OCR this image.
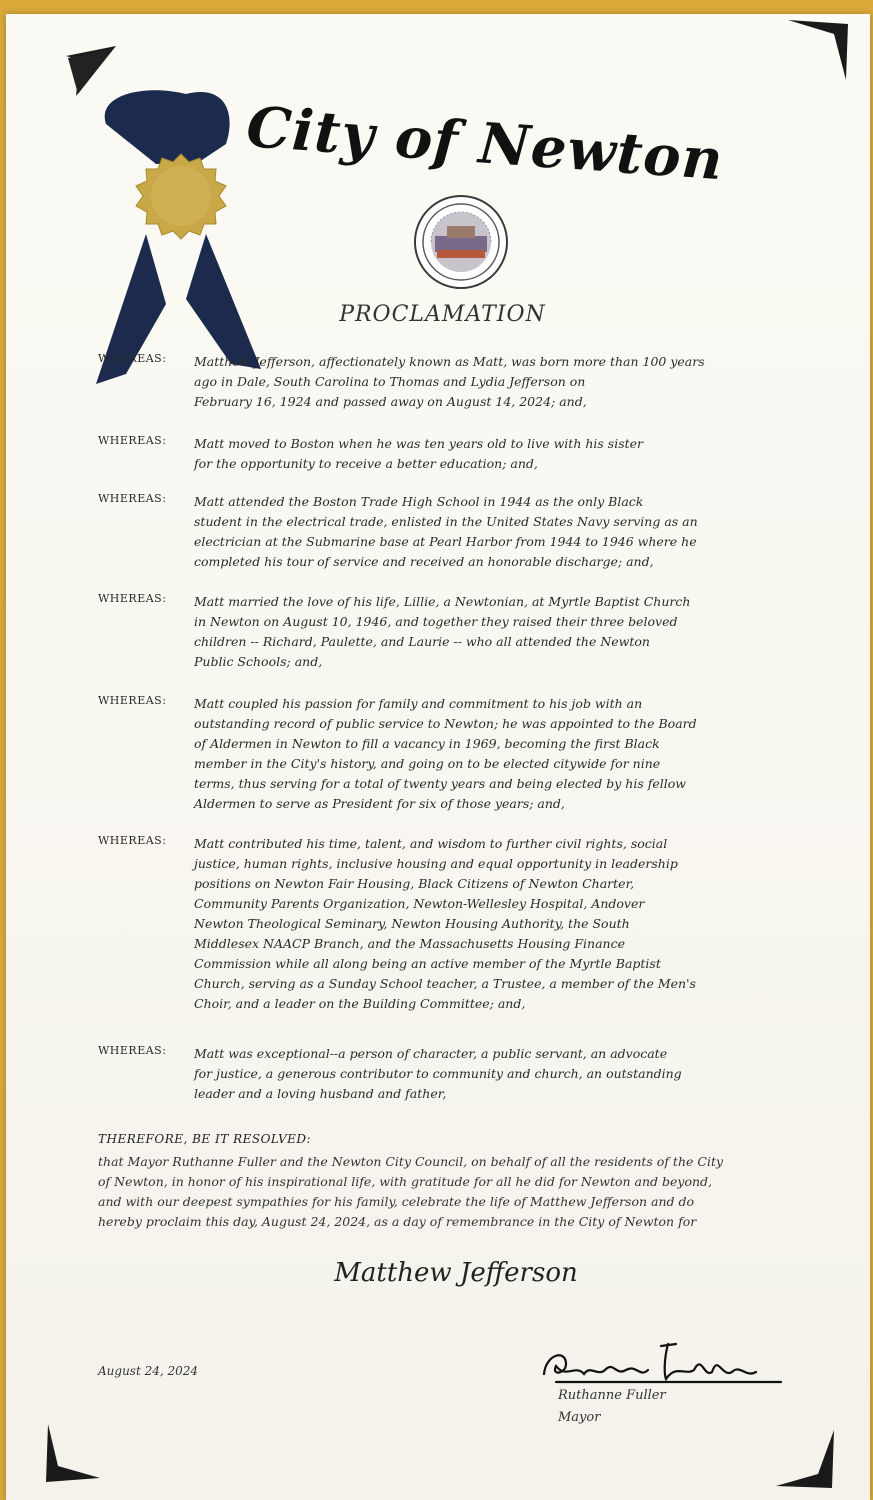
City of Newton
PROCLAMATION
WHEREAS:	Matthew Jefferson, affectionately known as Matt, was born more than 100 years
ago in Dale, South Carolina to Thomas and Lydia Jefferson on
February 16, 1924 and passed away on August 14, 2024; and,
WHEREAS:	Matt moved to Boston when he was ten years old to live with his sister
for the opportunity to receive a better education; and,
WHEREAS:	Matt attended the Boston Trade High School in 1944 as the only Black
student in the electrical trade, enlisted in the United States Navy serving as an
electrician at the Submarine base at Pearl Harbor from 1944 to 1946 where he
completed his tour of service and received an honorable discharge; and,
WHEREAS:	Matt married the love of his life, Lillie, a Newtonian, at Myrtle Baptist Church
in Newton on August 10, 1946, and together they raised their three beloved
children -- Richard, Paulette, and Laurie -- who all attended the Newton
Public Schools; and,
WHEREAS:	Matt coupled his passion for family and commitment to his job with an
outstanding record of public service to Newton; he was appointed to the Board
of Aldermen in Newton to fill a vacancy in 1969, becoming the first Black
member in the City's history, and going on to be elected citywide for nine
terms, thus serving for a total of twenty years and being elected by his fellow
Aldermen to serve as President for six of those years; and,
WHEREAS:	Matt contributed his time, talent, and wisdom to further civil rights, social
justice, human rights, inclusive housing and equal opportunity in leadership
positions on Newton Fair Housing, Black Citizens of Newton Charter,
Community Parents Organization, Newton-Wellesley Hospital, Andover
Newton Theological Seminary, Newton Housing Authority, the South
Middlesex NAACP Branch, and the Massachusetts Housing Finance
Commission while all along being an active member of the Myrtle Baptist
Church, serving as a Sunday School teacher, a Trustee, a member of the Men's
Choir, and a leader on the Building Committee; and,
WHEREAS:	Matt was exceptional--a person of character, a public servant, an advocate
for justice, a generous contributor to community and church, an outstanding
leader and a loving husband and father,
THEREFORE, BE IT RESOLVED:
that Mayor Ruthanne Fuller and the Newton City Council, on behalf of all the residents of the City
of Newton, in honor of his inspirational life, with gratitude for all he did for Newton and beyond,
and with our deepest sympathies for his family, celebrate the life of Matthew Jefferson and do
hereby proclaim this day, August 24, 2024, as a day of remembrance in the City of Newton for
Matthew Jefferson
August 24, 2024
Ruthanne Fuller
Mayor
